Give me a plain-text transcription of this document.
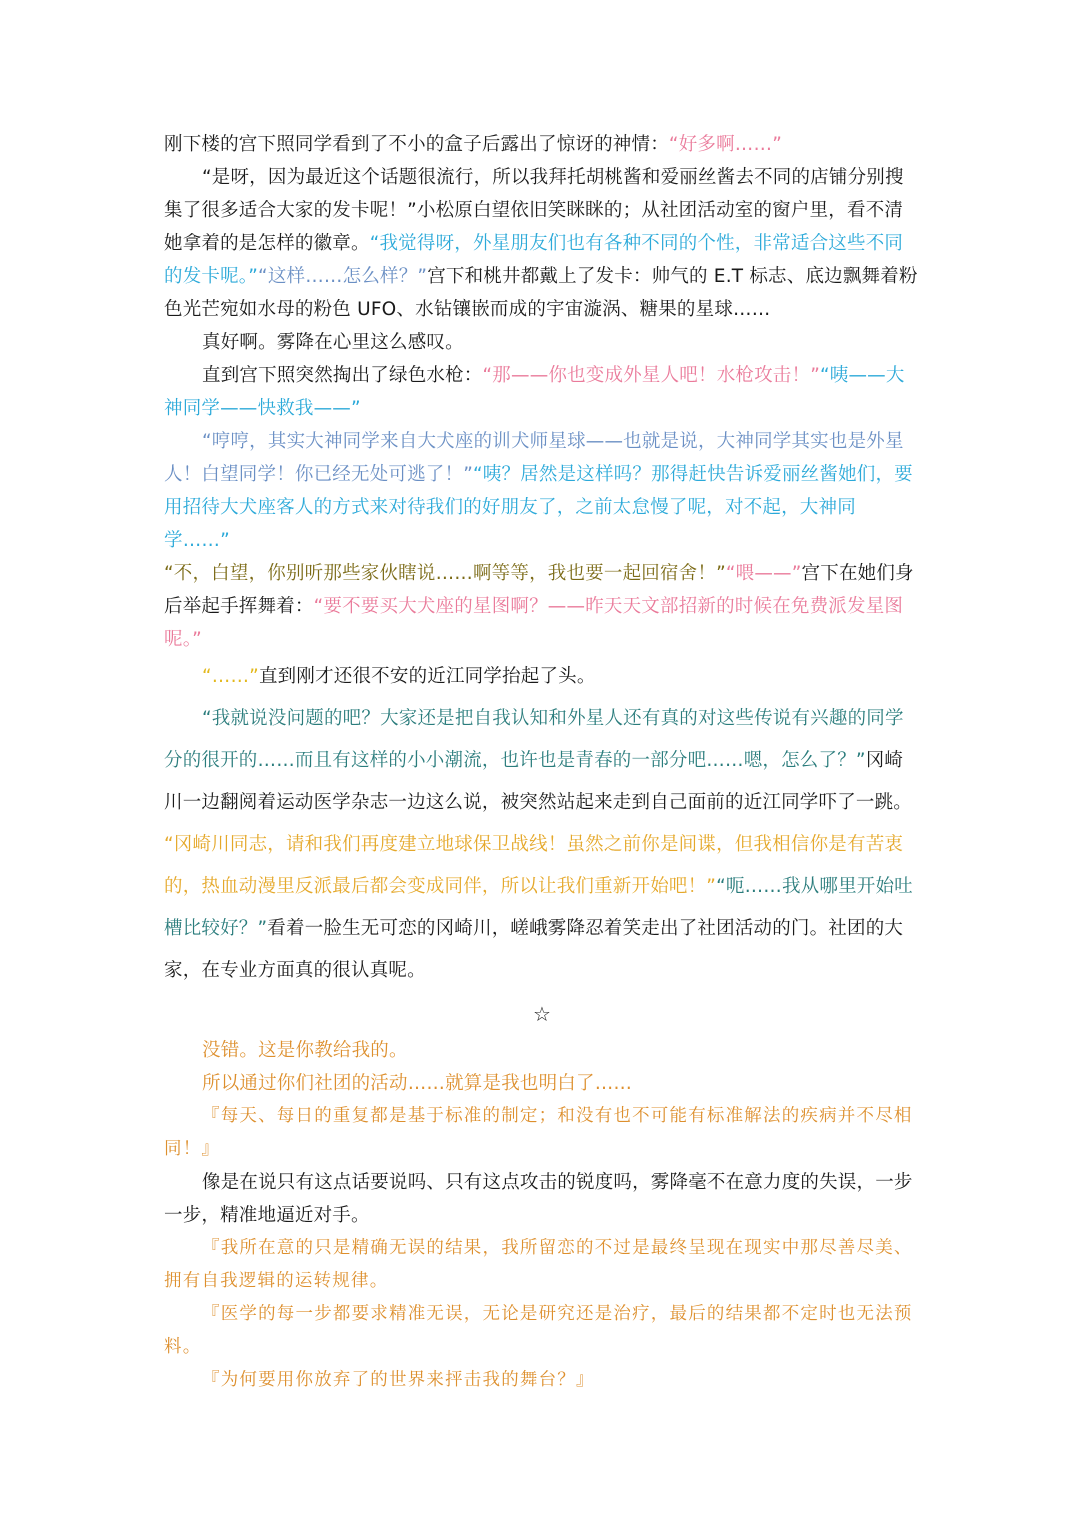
刚下楼的宫下照同学看到了不小的盒子后露出了惊讶的神情：“好多啊……”

“是呀，因为最近这个话题很流行，所以我拜托胡桃酱和爱丽丝酱去不同的店铺分别搜集了很多适合大家的发卡呢！”小松原白望依旧笑眯眯的；从社团活动室的窗户里，看不清她拿着的是怎样的徽章。“我觉得呀，外星朋友们也有各种不同的个性，非常适合这些不同的发卡呢。”“这样……怎么样？”宫下和桃井都戴上了发卡：帅气的 E.T 标志、底边飘舞着粉色光芒宛如水母的粉色 UFO、水钻镶嵌而成的宇宙漩涡、糖果的星球……

真好啊。雾降在心里这么感叹。

直到宫下照突然掏出了绿色水枪：“那——你也变成外星人吧！水枪攻击！”“咦——大神同学——快救我——”

“哼哼，其实大神同学来自大犬座的训犬师星球——也就是说，大神同学其实也是外星人！白望同学！你已经无处可逃了！”“咦？居然是这样吗？那得赶快告诉爱丽丝酱她们，要用招待大犬座客人的方式来对待我们的好朋友了，之前太怠慢了呢，对不起，大神同学……”

“不，白望，你别听那些家伙瞎说……啊等等，我也要一起回宿舍！”“喂——”宫下在她们身后举起手挥舞着：“要不要买大犬座的星图啊？——昨天天文部招新的时候在免费派发星图呢。”

“……”直到刚才还很不安的近江同学抬起了头。

“我就说没问题的吧？大家还是把自我认知和外星人还有真的对这些传说有兴趣的同学分的很开的……而且有这样的小小潮流，也许也是青春的一部分吧……嗯，怎么了？”冈崎川一边翻阅着运动医学杂志一边这么说，被突然站起来走到自己面前的近江同学吓了一跳。

“冈崎川同志，请和我们再度建立地球保卫战线！虽然之前你是间谍，但我相信你是有苦衷的，热血动漫里反派最后都会变成同伴，所以让我们重新开始吧！”“呃……我从哪里开始吐槽比较好？”看着一脸生无可恋的冈崎川，嵯峨雾降忍着笑走出了社团活动的门。社团的大家，在专业方面真的很认真呢。

☆

没错。这是你教给我的。

所以通过你们社团的活动……就算是我也明白了……

『每天、每日的重复都是基于标准的制定；和没有也不可能有标准解法的疾病并不尽相同！』

像是在说只有这点话要说吗、只有这点攻击的锐度吗，雾降毫不在意力度的失误，一步一步，精准地逼近对手。

『我所在意的只是精确无误的结果，我所留恋的不过是最终呈现在现实中那尽善尽美、拥有自我逻辑的运转规律。

『医学的每一步都要求精准无误，无论是研究还是治疗，最后的结果都不定时也无法预料。

『为何要用你放弃了的世界来抨击我的舞台？』
